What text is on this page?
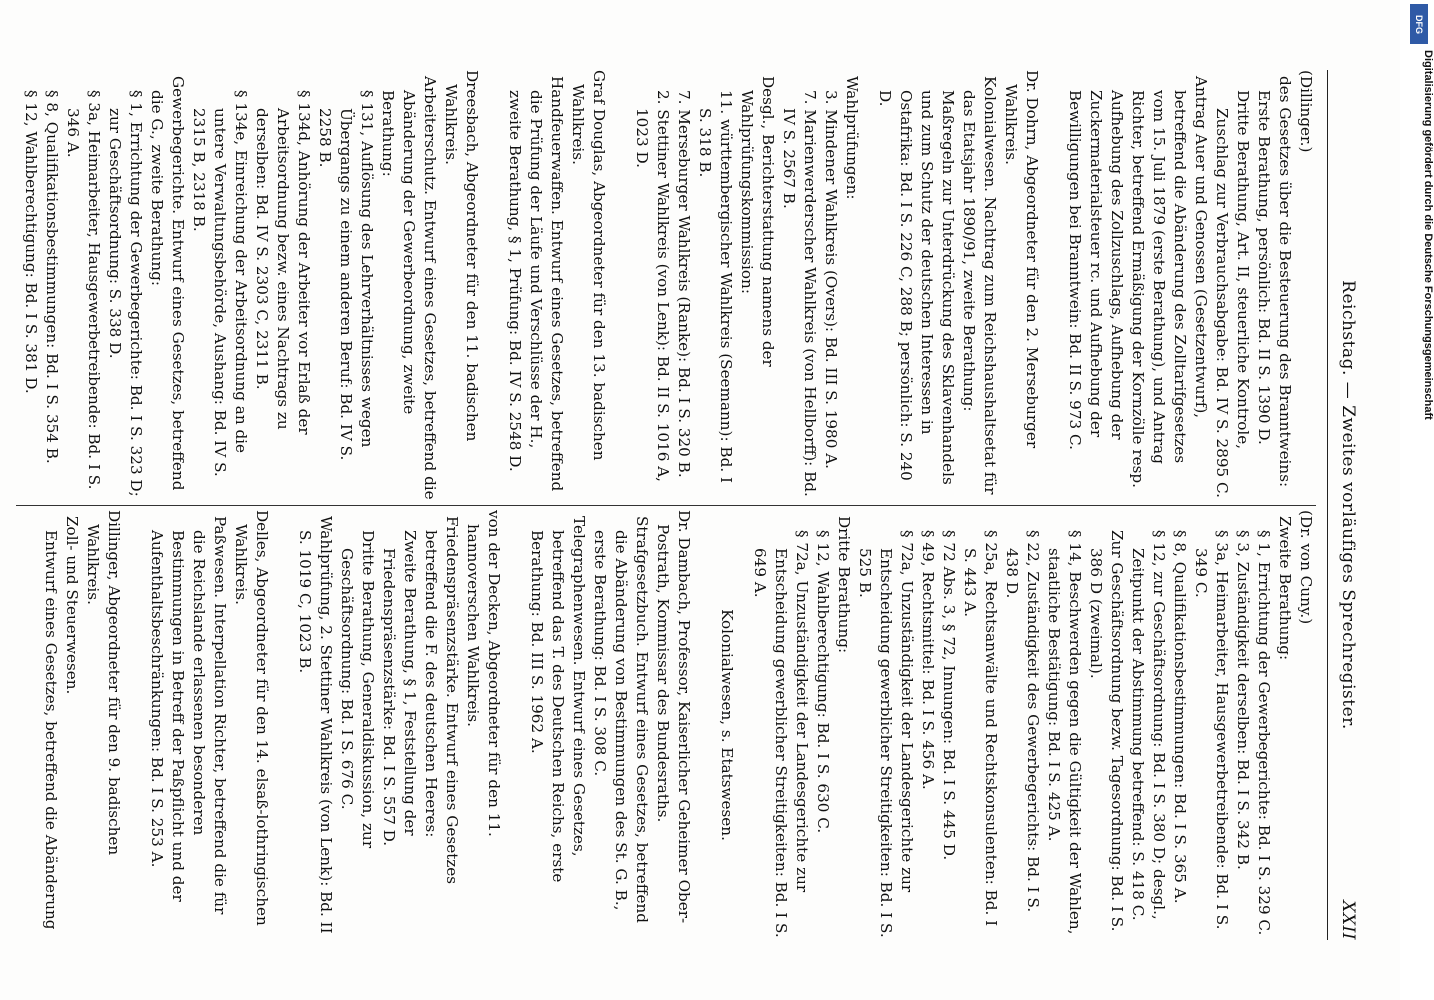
Reichstag. — Zweites vorläufiges Sprechregister.
XXII

(Dr. von Cuny.)

Zweite Berathung:

§ 1, Errichtung der Gewerbegerichte: Bd. I S. 329 C.

§ 3, Zuständigkeit derselben: Bd. I S. 342 B.

§ 3a, Heimarbeiter, Hausgewerbetreibende: Bd. I S. 349 C.

§ 8, Qualifikationsbestimmungen: Bd. I S. 365 A.

§ 12, zur Geschäftsordnung: Bd. I S. 380 D; desgl., Zeitpunkt der Abstimmung betreffend: S. 418 C.

Zur Geschäftsordnung bezw. Tagesordnung: Bd. I S. 386 D (zweimal).

§ 14, Beschwerden gegen die Gültigkeit der Wahlen, staatliche Bestätigung: Bd. I S. 425 A.

§ 22, Zuständigkeit des Gewerbegerichts: Bd. I S. 438 D.

§ 25a, Rechtsanwälte und Rechtskonsulenten: Bd. I S. 443 A.

§ 72 Abs. 3, § 72, Innungen: Bd. I S. 445 D.

§ 49, Rechtsmittel: Bd. I S. 456 A.

§ 72a, Unzuständigkeit der Landesgerichte zur Entscheidung gewerblicher Streitigkeiten: Bd. I S. 525 B.

Dritte Berathung:

§ 12, Wahlberechtigung: Bd. I S. 630 C.

§ 72a, Unzuständigkeit der Landesgerichte zur Entscheidung gewerblicher Streitigkeiten: Bd. I S. 649 A.

Kolonialwesen, s. Etatswesen.

Dr. Dambach, Professor, Kaiserlicher Geheimer Ober-Postrath, Kommissar des Bundesraths.

Strafgesetzbuch. Entwurf eines Gesetzes, betreffend die Abänderung von Bestimmungen des St. G. B., erste Berathung: Bd. I S. 308 C.

Telegraphenwesen. Entwurf eines Gesetzes, betreffend das T. des Deutschen Reichs, erste Berathung: Bd. III S. 1962 A.

von der Decken, Abgeordneter für den 11. hannoverschen Wahlkreis.

Friedenspräsenzstärke. Entwurf eines Gesetzes betreffend die F. des deutschen Heeres:

Zweite Berathung, § 1, Feststellung der Friedenspräsenzstärke: Bd. I S. 557 D.

Dritte Berathung, Generaldiskussion, zur Geschäftsordnung: Bd. I S. 676 C.

Wahlprüfung, 2. Stettiner Wahlkreis (von Lenk): Bd. II S. 1019 C, 1023 B.

Delles, Abgeordneter für den 14. elsaß-lothringischen Wahlkreis.

Paßwesen. Interpellation Richter, betreffend die für die Reichslande erlassenen besonderen Bestimmungen in Betreff der Paßpflicht und der Aufenthaltsbeschränkungen: Bd. I S. 253 A.

Dillinger, Abgeordneter für den 9. badischen Wahlkreis.

Zoll- und Steuerwesen.

Entwurf eines Gesetzes, betreffend die Abänderung

(Dillinger.)

des Gesetzes über die Besteuerung des Branntweins:

Erste Berathung, persönlich: Bd. II S. 1390 D.

Dritte Berathung, Art. II, steuerliche Kontrole, Zuschlag zur Verbrauchsabgabe: Bd. IV S. 2895 C.

Antrag Auer und Genossen (Gesetzentwurf), betreffend die Abänderung des Zolltarifgesetzes vom 15. Juli 1879 (erste Berathung), und Antrag Richter, betreffend Ermäßigung der Kornzölle resp. Aufhebung des Zollzuschlags, Aufhebung der Zuckermaterialsteuer rc. und Aufhebung der Bewilligungen bei Branntwein: Bd. II S. 973 C.

Dr. Dohrn, Abgeordneter für den 2. Merseburger Wahlkreis.

Kolonialwesen. Nachtrag zum Reichshaushaltsetat für das Etatsjahr 1890/91, zweite Berathung: Maßregeln zur Unterdrückung des Sklavenhandels und zum Schutz der deutschen Interessen in Ostafrika: Bd. I S. 226 C, 288 B; persönlich: S. 240 D.

Wahlprüfungen:

3. Mindener Wahlkreis (Overs): Bd. III S. 1980 A.

7. Marienwerderscher Wahlkreis (von Hellborff): Bd. IV S. 2567 B.

Desgl., Berichterstattung namens der Wahlprüfungskommission:

11. württembergischer Wahlkreis (Seemann): Bd. I S. 318 B.

7. Merseburger Wahlkreis (Ranke): Bd. I S. 320 B.

2. Stettiner Wahlkreis (von Lenk): Bd. II S. 1016 A, 1023 D.

Graf Douglas, Abgeordneter für den 13. badischen Wahlkreis.

Handfeuerwaffen. Entwurf eines Gesetzes, betreffend die Prüfung der Läufe und Verschlüsse der H., zweite Berathung, § 1, Prüfung: Bd. IV S. 2548 D.

Dreesbach, Abgeordneter für den 11. badischen Wahlkreis.

Arbeiterschutz. Entwurf eines Gesetzes, betreffend die Abänderung der Gewerbeordnung, zweite Berathung:

§ 131, Auflösung des Lehrverhältnisses wegen Übergangs zu einem anderen Beruf: Bd. IV S. 2258 B.

§ 134d, Anhörung der Arbeiter vor Erlaß der Arbeitsordnung bezw. eines Nachtrags zu derselben: Bd. IV S. 2303 C, 2311 B.

§ 134e, Einreichung der Arbeitsordnung an die untere Verwaltungsbehörde, Aushang: Bd. IV S. 2315 B, 2318 B.

Gewerbegerichte. Entwurf eines Gesetzes, betreffend die G., zweite Berathung:

§ 1, Errichtung der Gewerbegerichte: Bd. I S. 323 D; zur Geschäftsordnung: S. 338 D.

§ 3a, Heimarbeiter, Hausgewerbetreibende: Bd. I S. 346 A.

§ 8, Qualifikationsbestimmungen: Bd. I S. 354 B.

§ 12, Wahlberechtigung: Bd. I S. 381 D.

DFG
Digitalisierung gefördert durch die Deutsche Forschungsgemeinschaft
